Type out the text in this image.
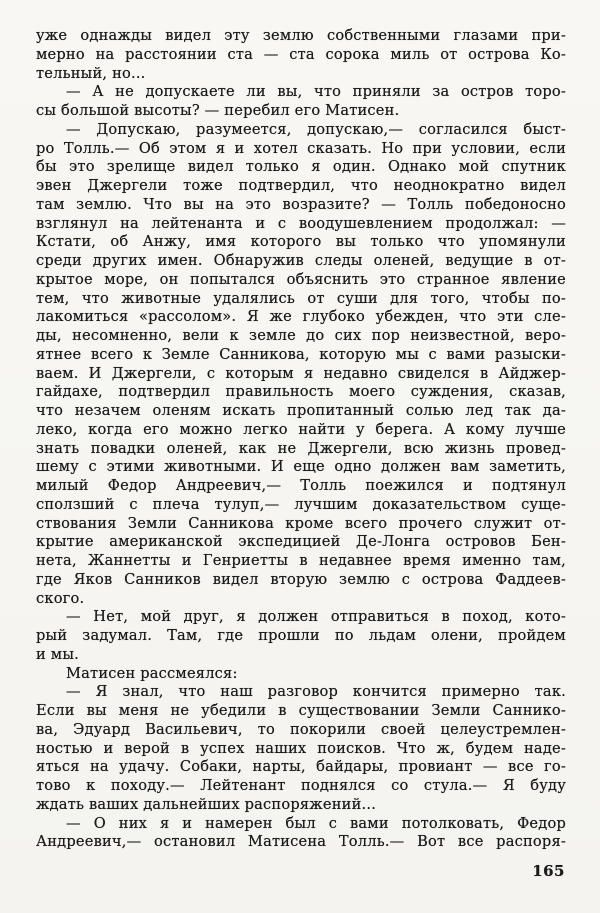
уже однажды видел эту землю собственными глазами при-
мерно на расстоянии ста — ста сорока миль от острова Ко-
тельный, но...
— А не допускаете ли вы, что приняли за остров торо-
сы большой высоты? — перебил его Матисен.
— Допускаю, разумеется, допускаю,— согласился быст-
ро Толль.— Об этом я и хотел сказать. Но при условии, если
бы это зрелище видел только я один. Однако мой спутник
эвен Джергели тоже подтвердил, что неоднократно видел
там землю. Что вы на это возразите? — Толль победоносно
взглянул на лейтенанта и с воодушевлением продолжал: —
Кстати, об Анжу, имя которого вы только что упомянули
среди других имен. Обнаружив следы оленей, ведущие в от-
крытое море, он попытался объяснить это странное явление
тем, что животные удалялись от суши для того, чтобы по-
лакомиться «рассолом». Я же глубоко убежден, что эти сле-
ды, несомненно, вели к земле до сих пор неизвестной, веро-
ятнее всего к Земле Санникова, которую мы с вами разыски-
ваем. И Джергели, с которым я недавно свиделся в Айджер-
гайдахе, подтвердил правильность моего суждения, сказав,
что незачем оленям искать пропитанный солью лед так да-
леко, когда его можно легко найти у берега. А кому лучше
знать повадки оленей, как не Джергели, всю жизнь провед-
шему с этими животными. И еще одно должен вам заметить,
милый Федор Андреевич,— Толль поежился и подтянул
сползший с плеча тулуп,— лучшим доказательством суще-
ствования Земли Санникова кроме всего прочего служит от-
крытие американской экспедицией Де-Лонга островов Бен-
нета, Жаннетты и Генриетты в недавнее время именно там,
где Яков Санников видел вторую землю с острова Фаддеев-
ского.
— Нет, мой друг, я должен отправиться в поход, кото-
рый задумал. Там, где прошли по льдам олени, пройдем
и мы.
Матисен рассмеялся:
— Я знал, что наш разговор кончится примерно так.
Если вы меня не убедили в существовании Земли Саннико-
ва, Эдуард Васильевич, то покорили своей целеустремлен-
ностью и верой в успех наших поисков. Что ж, будем наде-
яться на удачу. Собаки, нарты, байдары, провиант — все го-
тово к походу.— Лейтенант поднялся со стула.— Я буду
ждать ваших дальнейших распоряжений...
— О них я и намерен был с вами потолковать, Федор
Андреевич,— остановил Матисена Толль.— Вот все распоря-
165
